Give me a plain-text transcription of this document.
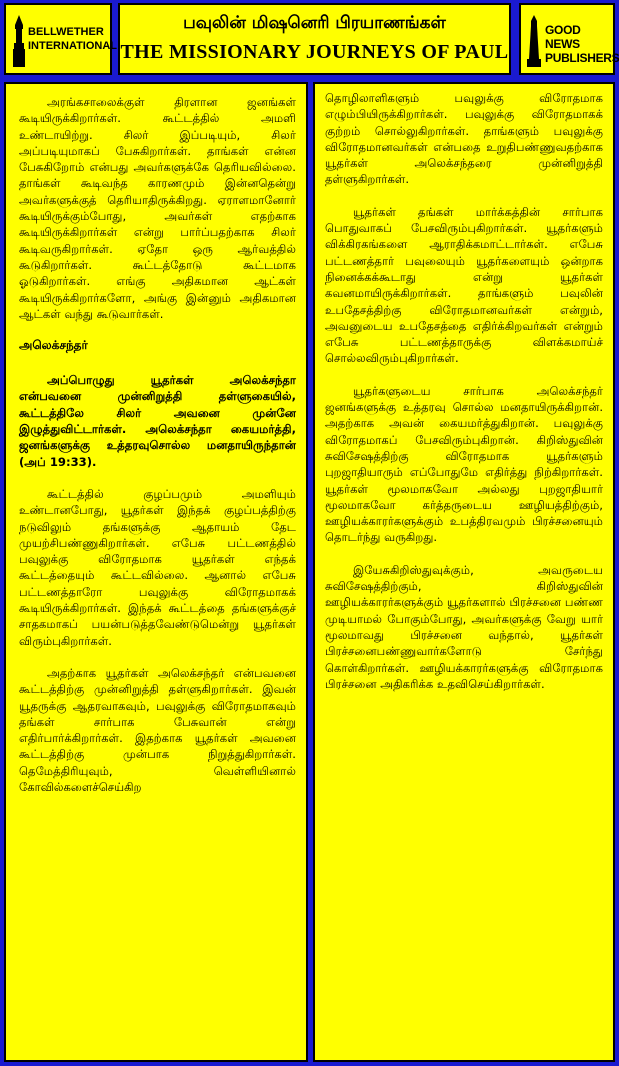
BELLWETHER INTERNATIONAL
பவுலின் மிஷனெரி பிரயாணங்கள்
THE MISSIONARY JOURNEYS OF PAUL
GOOD NEWS PUBLISHERS

அரங்கசாலைக்குள் திரளான ஜனங்கள் கூடியிருக்கிறார்கள். கூட்டத்தில் அமளி உண்டாயிற்று. சிலர் இப்படியும், சிலர் அப்படியுமாகப் பேசுகிறார்கள். தாங்கள் என்ன பேசுகிறோம் என்பது அவர்களுக்கே தெரியவில்லை. தாங்கள் கூடிவந்த காரணமும் இன்னதென்று அவர்களுக்குத் தெரியாதிருக்கிறது. ஏராளமானோர் கூடியிருக்கும்போது, அவர்கள் எதற்காக கூடியிருக்கிறார்கள் என்று பார்ப்பதற்காக சிலர் கூடிவருகிறார்கள். ஏதோ ஒரு ஆர்வத்தில் கூடுகிறார்கள். கூட்டத்தோடு கூட்டமாக ஓடுகிறார்கள். எங்கு அதிகமான ஆட்கள் கூடியிருக்கிறார்களோ, அங்கு இன்னும் அதிகமான ஆட்கள் வந்து கூடுவார்கள்.

அலெக்சந்தர்

அப்பொழுது யூதர்கள் அலெக்சந்தா என்பவனை முன்னிறுத்தி தள்ளுகையில், கூட்டத்திலே சிலர் அவனை முன்னே இழுத்துவிட்டார்கள். அலெக்சந்தா கையமர்த்தி, ஜனங்களுக்கு உத்தரவுசொல்ல மனதாயிருந்தான் (அப் 19:33).

கூட்டத்தில் குழப்பமும் அமளியும் உண்டானபோது, யூதர்கள் இந்தக் குழப்பத்திற்கு நடுவிலும் தங்களுக்கு ஆதாயம் தேட முயற்சிபண்ணுகிறார்கள். எபேசு பட்டணத்தில் பவுலுக்கு விரோதமாக யூதர்கள் எந்தக் கூட்டத்தையும் கூட்டவில்லை. ஆனால் எபேசு பட்டணத்தாரோ பவுலுக்கு விரோதமாகக் கூடியிருக்கிறார்கள். இந்தக் கூட்டத்தை தங்களுக்குச் சாதகமாகப் பயன்படுத்தவேண்டுமென்று யூதர்கள் விரும்புகிறார்கள்.

அதற்காக யூதர்கள் அலெக்சந்தர் என்பவனை கூட்டத்திற்கு முன்னிறுத்தி தள்ளுகிறார்கள். இவன் யூதருக்கு ஆதரவாகவும், பவுலுக்கு விரோதமாகவும் தங்கள் சார்பாக பேசுவான் என்று எதிர்பார்க்கிறார்கள். இதற்காக யூதர்கள் அவனை கூட்டத்திற்கு முன்பாக நிறுத்துகிறார்கள். தெமேத்திரியுவும், வெள்ளியினால் கோவில்களைச்செய்கிற

தொழிலாளிகளும் பவுலுக்கு விரோதமாக எழும்பியிருக்கிறார்கள். பவுலுக்கு விரோதமாகக் குற்றம் சொல்லுகிறார்கள். தாங்களும் பவுலுக்கு விரோதமானவர்கள் என்பதை உறுதிபண்ணுவதற்காக யூதர்கள் அலெக்சந்தரை முன்னிறுத்தி தள்ளுகிறார்கள்.

யூதர்கள் தங்கள் மார்க்கத்தின் சார்பாக பொதுவாகப் பேசவிரும்புகிறார்கள். யூதர்களும் விக்கிரகங்களை ஆராதிக்கமாட்டார்கள். எபேசு பட்டணத்தார் பவுலையும் யூதர்களையும் ஒன்றாக நினைக்கக்கூடாது என்று யூதர்கள் கவனமாயிருக்கிறார்கள். தாங்களும் பவுலின் உபதேசத்திற்கு விரோதமானவர்கள் என்றும், அவனுடைய உபதேசத்தை எதிர்க்கிறவர்கள் என்றும் எபேசு பட்டணத்தாருக்கு விளக்கமாய்ச் சொல்லவிரும்புகிறார்கள்.

யூதர்களுடைய சார்பாக அலெக்சந்தர் ஜனங்களுக்கு உத்தரவு சொல்ல மனதாயிருக்கிறான். அதற்காக அவன் கையமர்த்துகிறான். பவுலுக்கு விரோதமாகப் பேசவிரும்புகிறான். கிறிஸ்துவின் சுவிசேஷத்திற்கு விரோதமாக யூதர்களும் புறஜாதியாரும் எப்போதுமே எதிர்த்து நிற்கிறார்கள். யூதர்கள் மூலமாகவோ அல்லது புறஜாதியார் மூலமாகவோ கர்த்தருடைய ஊழியத்திற்கும், ஊழியக்காரர்களுக்கும் உபத்திரவமும் பிரச்சனையும் தொடர்ந்து வருகிறது.

இயேசுகிறிஸ்துவுக்கும், அவருடைய சுவிசேஷத்திற்கும், கிறிஸ்துவின் ஊழியக்காரர்களுக்கும் யூதர்களால் பிரச்சனை பண்ண முடியாமல் போகும்போது, அவர்களுக்கு வேறு யார் மூலமாவது பிரச்சனை வந்தால், யூதர்கள் பிரச்சனைபண்ணுவார்களோடு சேர்ந்து கொள்கிறார்கள். ஊழியக்காரர்களுக்கு விரோதமாக பிரச்சனை அதிகரிக்க உதவிசெய்கிறார்கள்.
